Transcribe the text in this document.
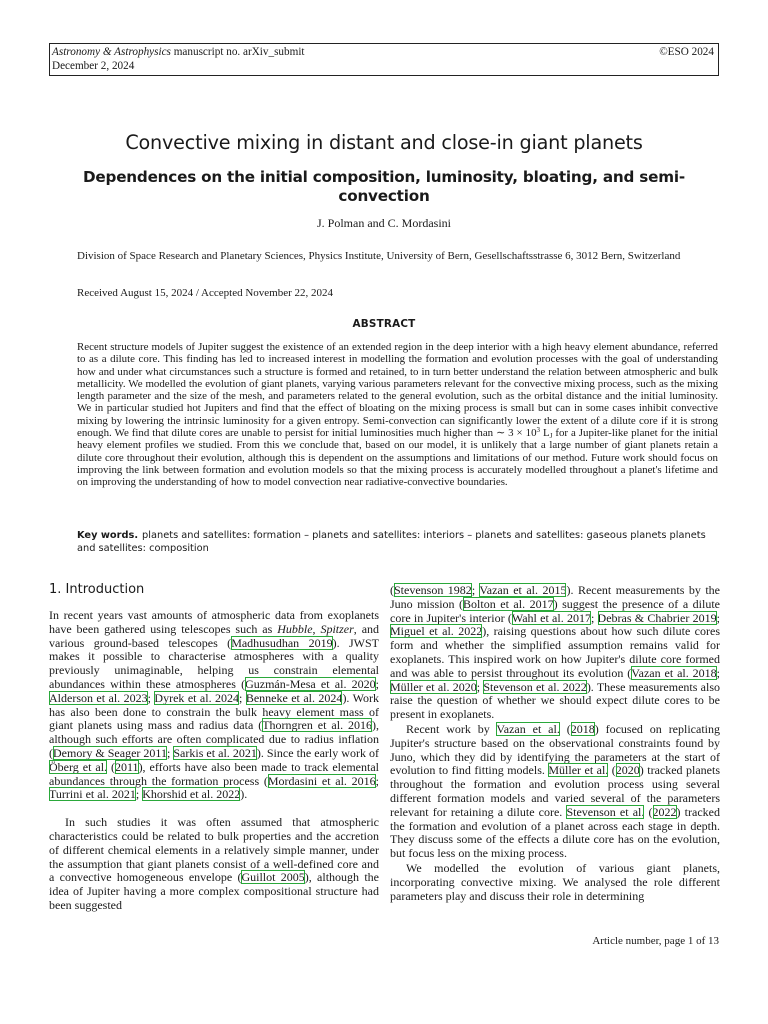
Astronomy & Astrophysics manuscript no. arXiv_submit
December 2, 2024
©ESO 2024
Convective mixing in distant and close-in giant planets
Dependences on the initial composition, luminosity, bloating, and semi-convection
J. Polman and C. Mordasini
Division of Space Research and Planetary Sciences, Physics Institute, University of Bern, Gesellschaftsstrasse 6, 3012 Bern, Switzerland
Received August 15, 2024 / Accepted November 22, 2024
ABSTRACT

Recent structure models of Jupiter suggest the existence of an extended region in the deep interior with a high heavy element abundance, referred to as a dilute core. This finding has led to increased interest in modelling the formation and evolution processes with the goal of understanding how and under what circumstances such a structure is formed and retained, to in turn better understand the relation between atmospheric and bulk metallicity. We modelled the evolution of giant planets, varying various parameters relevant for the convective mixing process, such as the mixing length parameter and the size of the mesh, and parameters related to the general evolution, such as the orbital distance and the initial luminosity. We in particular studied hot Jupiters and find that the effect of bloating on the mixing process is small but can in some cases inhibit convective mixing by lowering the intrinsic luminosity for a given entropy. Semi-convection can significantly lower the extent of a dilute core if it is strong enough. We find that dilute cores are unable to persist for initial luminosities much higher than ∼ $3 \times 10^3$ $L_J$ for a Jupiter-like planet for the initial heavy element profiles we studied. From this we conclude that, based on our model, it is unlikely that a large number of giant planets retain a dilute core throughout their evolution, although this is dependent on the assumptions and limitations of our method. Future work should focus on improving the link between formation and evolution models so that the mixing process is accurately modelled throughout a planet's lifetime and on improving the understanding of how to model convection near radiative-convective boundaries.

Key words. planets and satellites: formation – planets and satellites: interiors – planets and satellites: gaseous planets planets and satellites: composition
1. Introduction

In recent years vast amounts of atmospheric data from exoplanets have been gathered using telescopes such as Hubble, Spitzer, and various ground-based telescopes (Madhusudhan 2019). JWST makes it possible to characterise atmospheres with a quality previously unimaginable, helping us constrain elemental abundances within these atmospheres (Guzmán-Mesa et al. 2020; Alderson et al. 2023; Dyrek et al. 2024; Benneke et al. 2024). Work has also been done to constrain the bulk heavy element mass of giant planets using mass and radius data (Thorngren et al. 2016), although such efforts are often complicated due to radius inflation (Demory & Seager 2011; Sarkis et al. 2021). Since the early work of Öberg et al. (2011), efforts have also been made to track elemental abundances through the formation process (Mordasini et al. 2016; Turrini et al. 2021; Khorshid et al. 2022).

In such studies it was often assumed that atmospheric characteristics could be related to bulk properties and the accretion of different chemical elements in a relatively simple manner, under the assumption that giant planets consist of a well-defined core and a convective homogeneous envelope (Guillot 2005), although the idea of Jupiter having a more complex compositional structure had been suggested

(Stevenson 1982; Vazan et al. 2015). Recent measurements by the Juno mission (Bolton et al. 2017) suggest the presence of a dilute core in Jupiter's interior (Wahl et al. 2017; Debras & Chabrier 2019; Miguel et al. 2022), raising questions about how such dilute cores form and whether the simplified assumption remains valid for exoplanets. This inspired work on how Jupiter's dilute core formed and was able to persist throughout its evolution (Vazan et al. 2018; Müller et al. 2020; Stevenson et al. 2022). These measurements also raise the question of whether we should expect dilute cores to be present in exoplanets.

Recent work by Vazan et al. (2018) focused on replicating Jupiter's structure based on the observational constraints found by Juno, which they did by identifying the parameters at the start of evolution to find fitting models. Müller et al. (2020) tracked planets throughout the formation and evolution process using several different formation models and varied several of the parameters relevant for retaining a dilute core. Stevenson et al. (2022) tracked the formation and evolution of a planet across each stage in depth. They discuss some of the effects a dilute core has on the evolution, but focus less on the mixing process.

We modelled the evolution of various giant planets, incorporating convective mixing. We analysed the role different parameters play and discuss their role in determining

Article number, page 1 of 13
